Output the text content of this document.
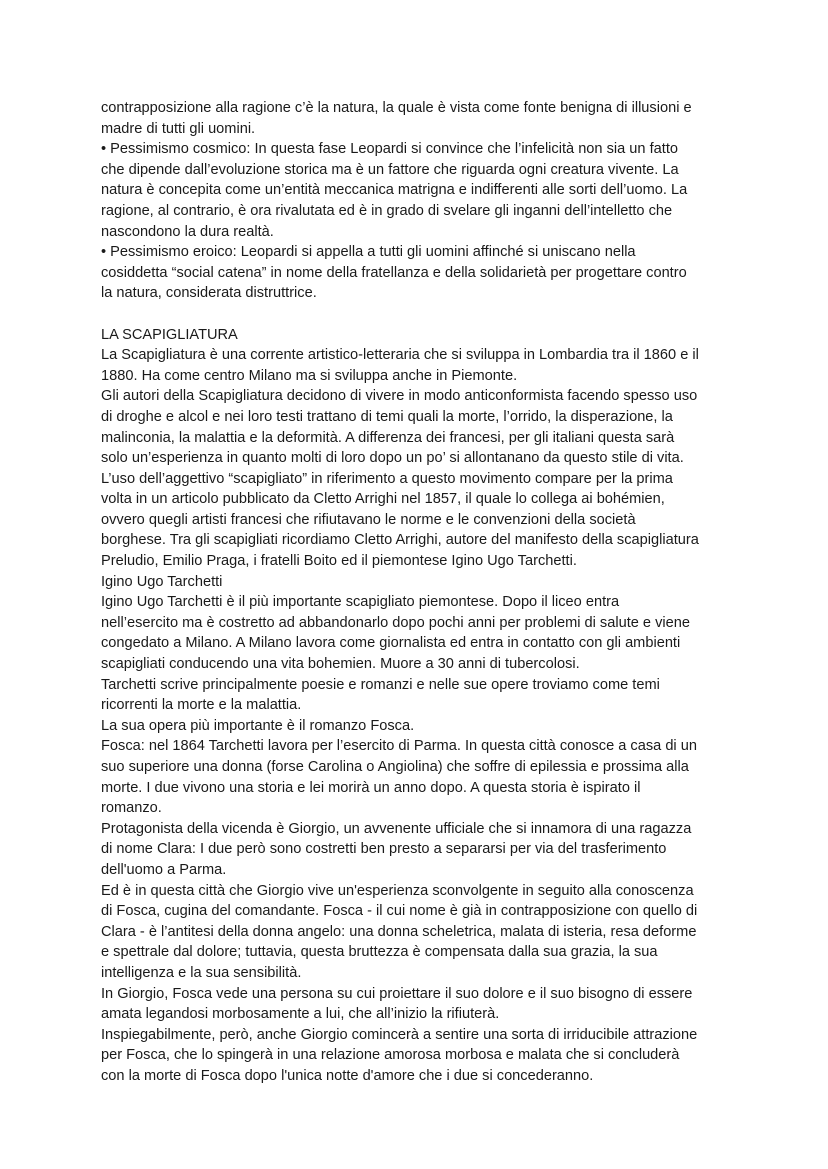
contrapposizione alla ragione c’è la natura, la quale è vista come fonte benigna di illusioni e
madre di tutti gli uomini.
• Pessimismo cosmico: In questa fase Leopardi si convince che l’infelicità non sia un fatto
che dipende dall’evoluzione storica ma è un fattore che riguarda ogni creatura vivente. La
natura è concepita come un’entità meccanica matrigna e indifferenti alle sorti dell’uomo. La
ragione, al contrario, è ora rivalutata ed è in grado di svelare gli inganni dell’intelletto che
nascondono la dura realtà.
• Pessimismo eroico: Leopardi si appella a tutti gli uomini affinché si uniscano nella
cosiddetta “social catena” in nome della fratellanza e della solidarietà per progettare contro
la natura, considerata distruttrice.
LA SCAPIGLIATURA
La Scapigliatura è una corrente artistico-letteraria che si sviluppa in Lombardia tra il 1860 e il
1880. Ha come centro Milano ma si sviluppa anche in Piemonte.
Gli autori della Scapigliatura decidono di vivere in modo anticonformista facendo spesso uso
di droghe e alcol e nei loro testi trattano di temi quali la morte, l’orrido, la disperazione, la
malinconia, la malattia e la deformità. A differenza dei francesi, per gli italiani questa sarà
solo un’esperienza in quanto molti di loro dopo un po’ si allontanano da questo stile di vita.
L’uso dell’aggettivo “scapigliato” in riferimento a questo movimento compare per la prima
volta in un articolo pubblicato da Cletto Arrighi nel 1857, il quale lo collega ai bohémien,
ovvero quegli artisti francesi che rifiutavano le norme e le convenzioni della società
borghese. Tra gli scapigliati ricordiamo Cletto Arrighi, autore del manifesto della scapigliatura
Preludio, Emilio Praga, i fratelli Boito ed il piemontese Igino Ugo Tarchetti.
Igino Ugo Tarchetti
Igino Ugo Tarchetti è il più importante scapigliato piemontese. Dopo il liceo entra
nell’esercito ma è costretto ad abbandonarlo dopo pochi anni per problemi di salute e viene
congedato a Milano. A Milano lavora come giornalista ed entra in contatto con gli ambienti
scapigliati conducendo una vita bohemien. Muore a 30 anni di tubercolosi.
Tarchetti scrive principalmente poesie e romanzi e nelle sue opere troviamo come temi
ricorrenti la morte e la malattia.
La sua opera più importante è il romanzo Fosca.
Fosca: nel 1864 Tarchetti lavora per l’esercito di Parma. In questa città conosce a casa di un
suo superiore una donna (forse Carolina o Angiolina) che soffre di epilessia e prossima alla
morte. I due vivono una storia e lei morirà un anno dopo. A questa storia è ispirato il
romanzo.
Protagonista della vicenda è Giorgio, un avvenente ufficiale che si innamora di una ragazza
di nome Clara: I due però sono costretti ben presto a separarsi per via del trasferimento
dell'uomo a Parma.
Ed è in questa città che Giorgio vive un'esperienza sconvolgente in seguito alla conoscenza
di Fosca, cugina del comandante. Fosca - il cui nome è già in contrapposizione con quello di
Clara - è l’antitesi della donna angelo: una donna scheletrica, malata di isteria, resa deforme
e spettrale dal dolore; tuttavia, questa bruttezza è compensata dalla sua grazia, la sua
intelligenza e la sua sensibilità.
In Giorgio, Fosca vede una persona su cui proiettare il suo dolore e il suo bisogno di essere
amata legandosi morbosamente a lui, che all’inizio la rifiuterà.
Inspiegabilmente, però, anche Giorgio comincerà a sentire una sorta di irriducibile attrazione
per Fosca, che lo spingerà in una relazione amorosa morbosa e malata che si concluderà
con la morte di Fosca dopo l'unica notte d'amore che i due si concederanno.
